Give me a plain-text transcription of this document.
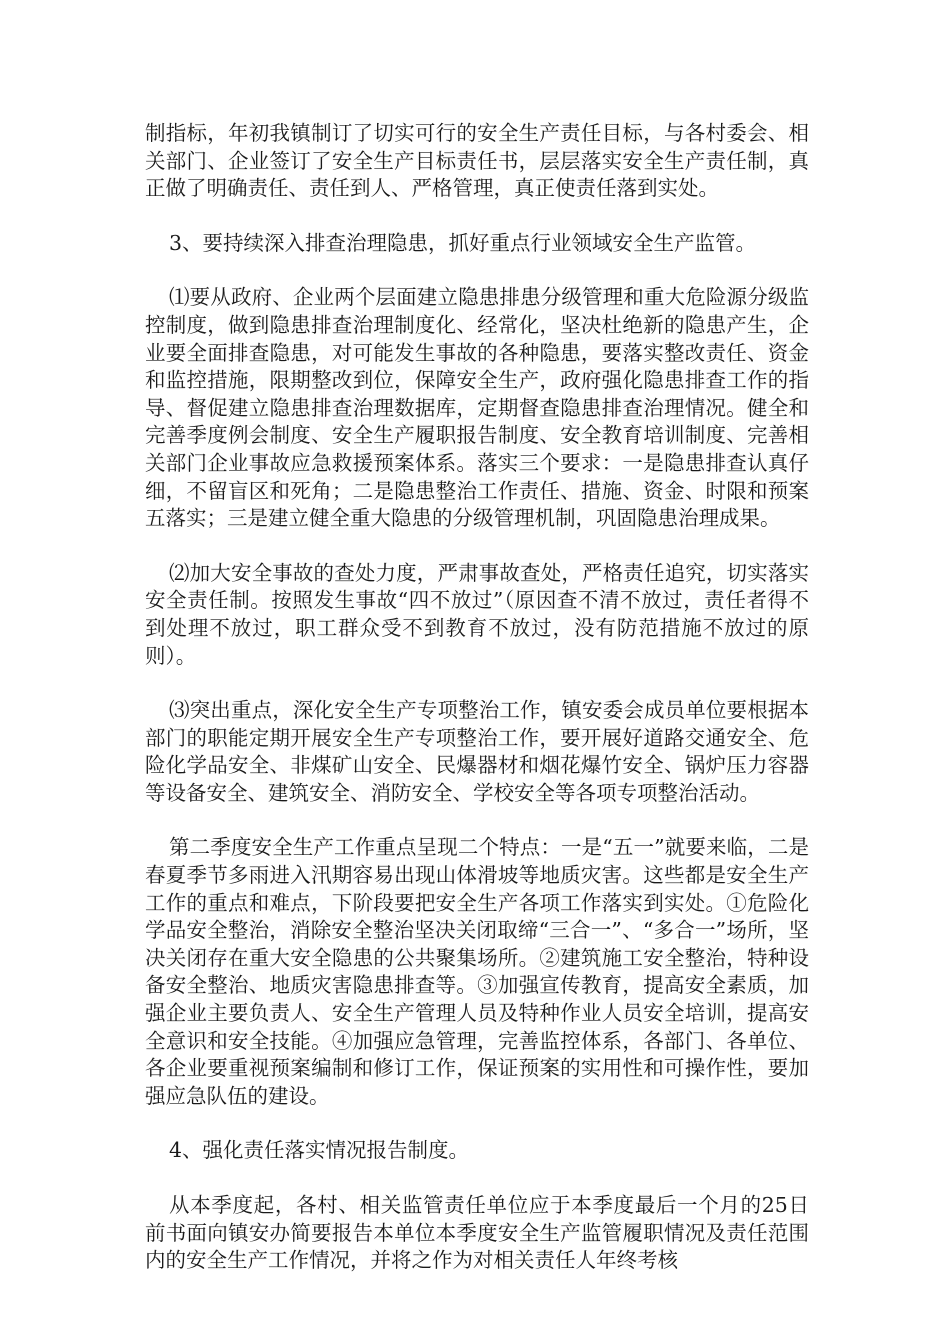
制指标，年初我镇制订了切实可行的安全生产责任目标，与各村委会、相关部门、企业签订了安全生产目标责任书，层层落实安全生产责任制，真正做了明确责任、责任到人、严格管理，真正使责任落到实处。

3、要持续深入排查治理隐患，抓好重点行业领域安全生产监管。

⑴要从政府、企业两个层面建立隐患排患分级管理和重大危险源分级监控制度，做到隐患排查治理制度化、经常化，坚决杜绝新的隐患产生，企业要全面排查隐患，对可能发生事故的各种隐患，要落实整改责任、资金和监控措施，限期整改到位，保障安全生产，政府强化隐患排查工作的指导、督促建立隐患排查治理数据库，定期督查隐患排查治理情况。健全和完善季度例会制度、安全生产履职报告制度、安全教育培训制度、完善相关部门企业事故应急救援预案体系。落实三个要求：一是隐患排查认真仔细，不留盲区和死角；二是隐患整治工作责任、措施、资金、时限和预案五落实；三是建立健全重大隐患的分级管理机制，巩固隐患治理成果。

⑵加大安全事故的查处力度，严肃事故查处，严格责任追究，切实落实安全责任制。按照发生事故“四不放过”（原因查不清不放过，责任者得不到处理不放过，职工群众受不到教育不放过，没有防范措施不放过的原则）。

⑶突出重点，深化安全生产专项整治工作，镇安委会成员单位要根据本部门的职能定期开展安全生产专项整治工作，要开展好道路交通安全、危险化学品安全、非煤矿山安全、民爆器材和烟花爆竹安全、锅炉压力容器等设备安全、建筑安全、消防安全、学校安全等各项专项整治活动。

第二季度安全生产工作重点呈现二个特点：一是“五一”就要来临，二是春夏季节多雨进入汛期容易出现山体滑坡等地质灾害。这些都是安全生产工作的重点和难点，下阶段要把安全生产各项工作落实到实处。①危险化学品安全整治，消除安全整治坚决关闭取缔“三合一”、“多合一”场所，坚决关闭存在重大安全隐患的公共聚集场所。②建筑施工安全整治，特种设备安全整治、地质灾害隐患排查等。③加强宣传教育，提高安全素质，加强企业主要负责人、安全生产管理人员及特种作业人员安全培训，提高安全意识和安全技能。④加强应急管理，完善监控体系，各部门、各单位、各企业要重视预案编制和修订工作，保证预案的实用性和可操作性，要加强应急队伍的建设。

4、强化责任落实情况报告制度。

从本季度起，各村、相关监管责任单位应于本季度最后一个月的25日前书面向镇安办简要报告本单位本季度安全生产监管履职情况及责任范围内的安全生产工作情况，并将之作为对相关责任人年终考核
